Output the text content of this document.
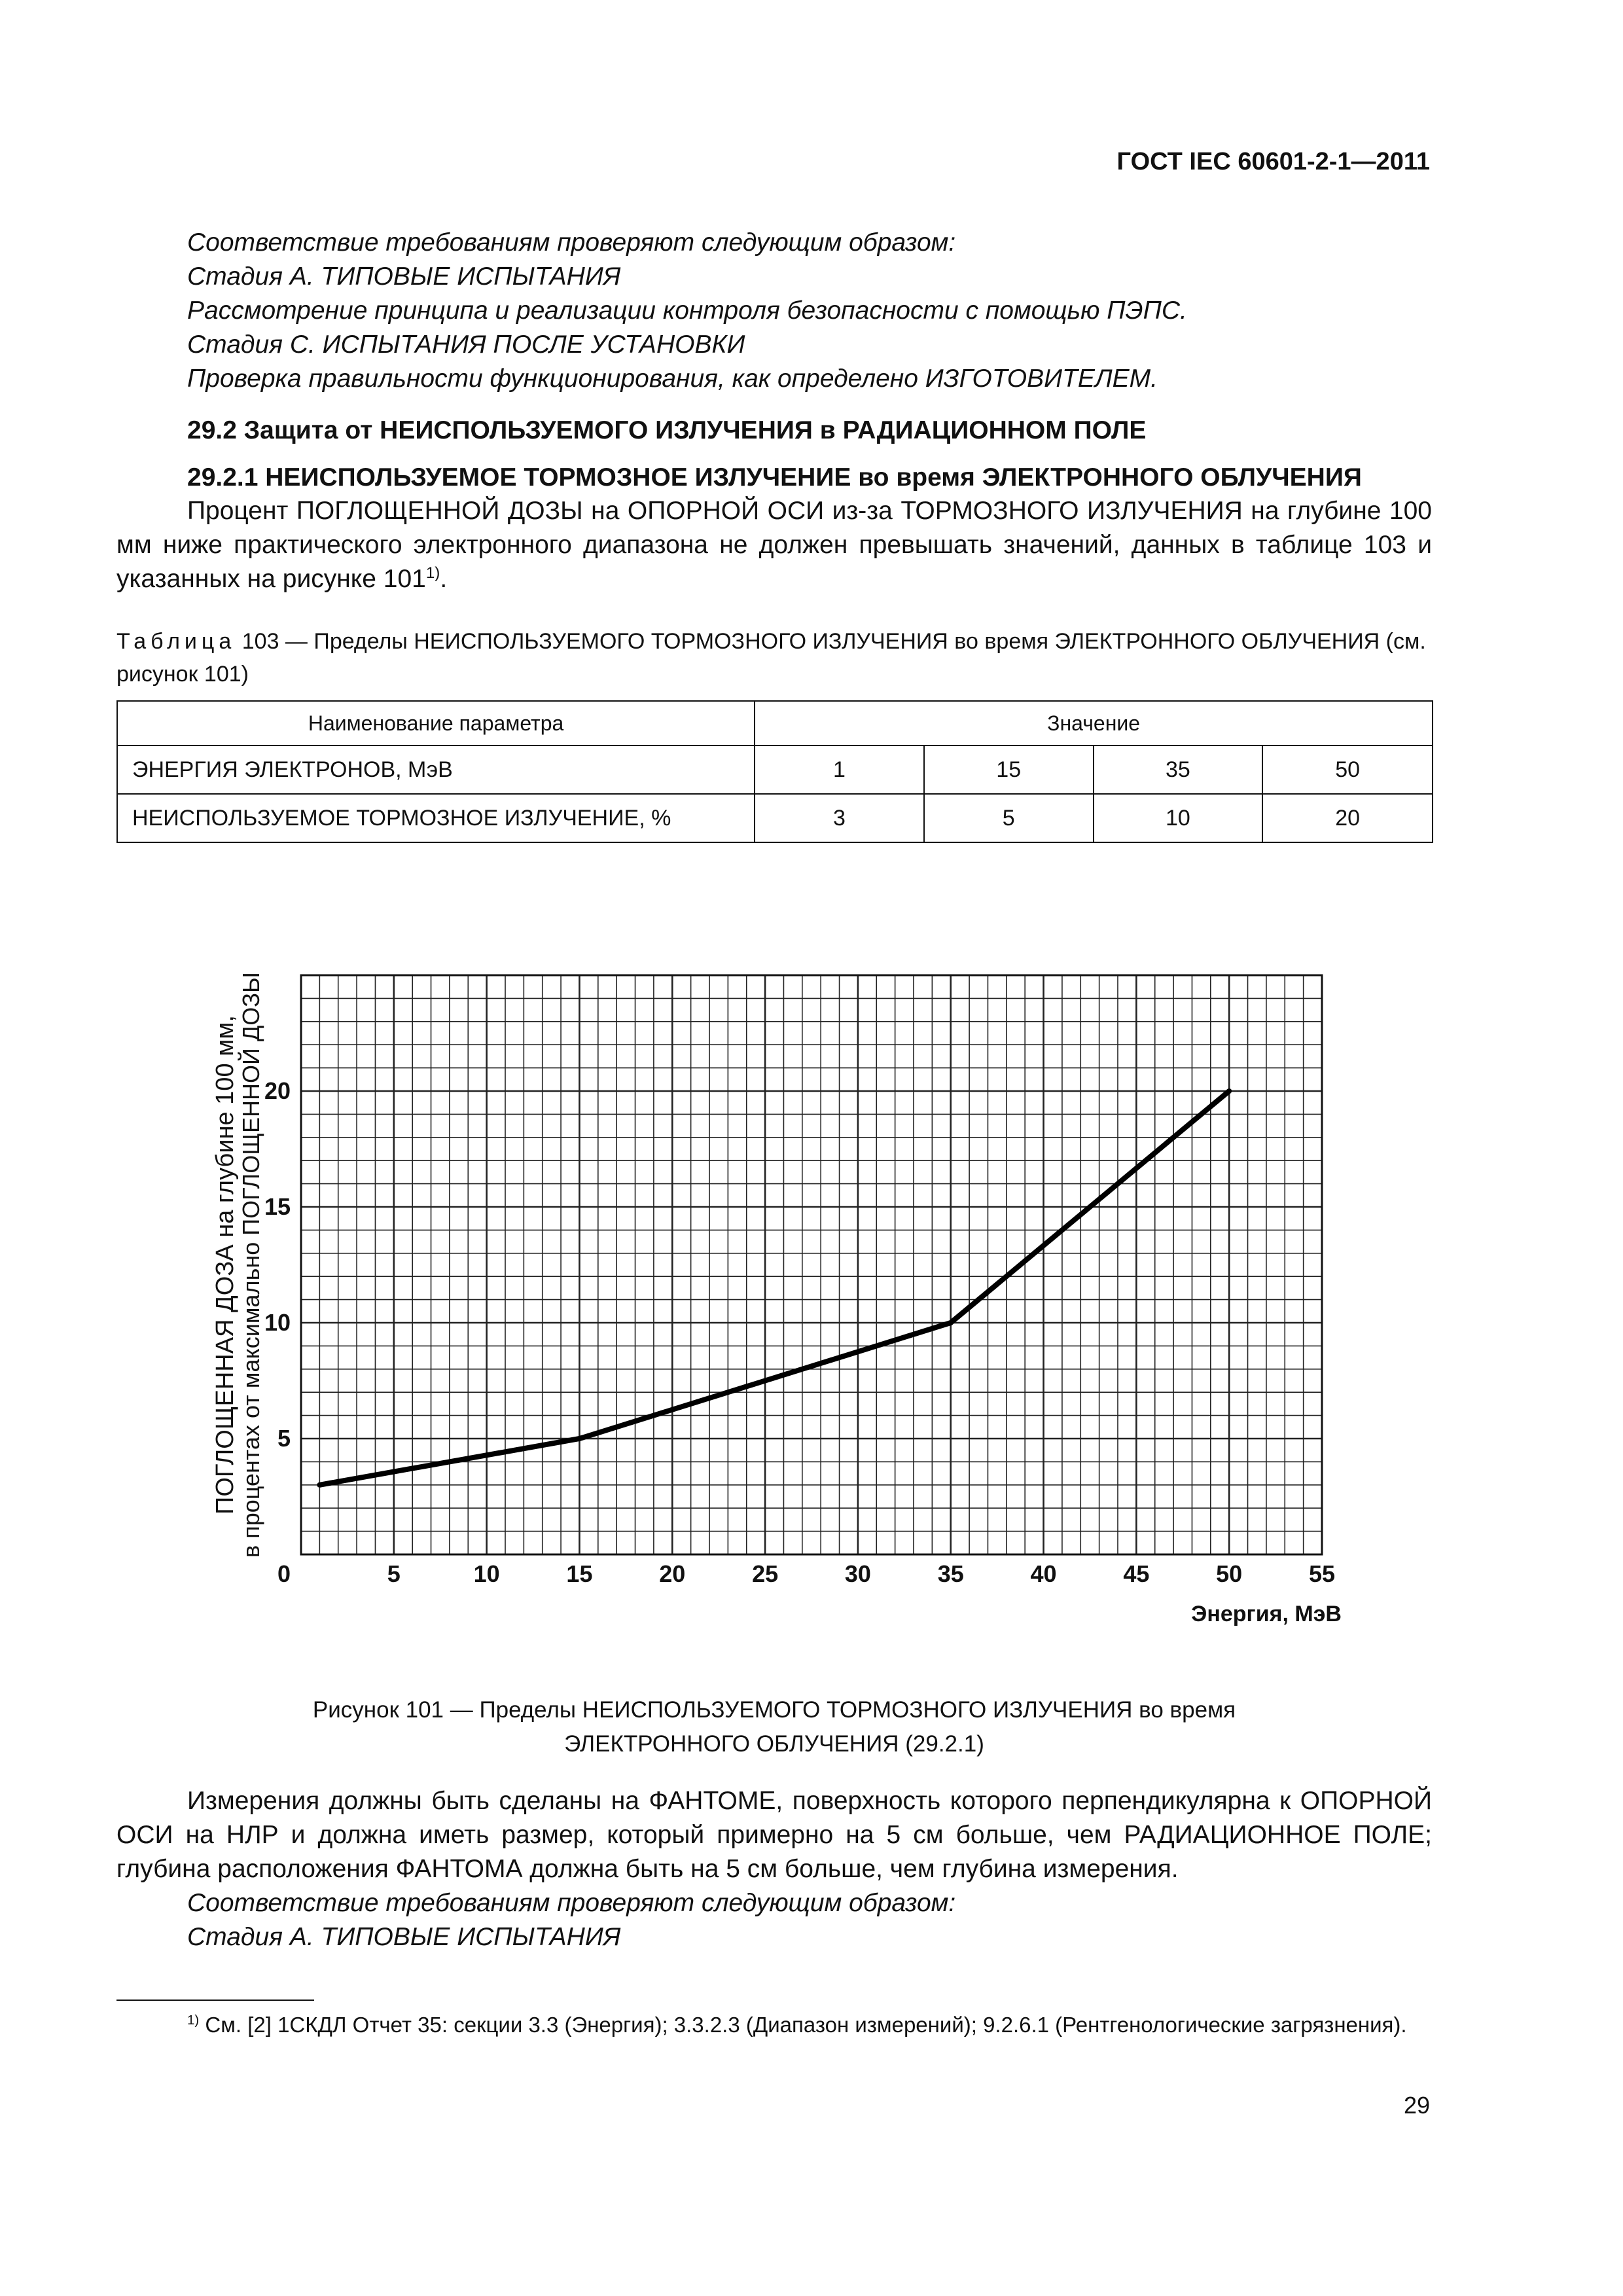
ГОСТ IEC 60601-2-1—2011
Соответствие требованиям проверяют следующим образом:
Стадия А. ТИПОВЫЕ ИСПЫТАНИЯ
Рассмотрение принципа и реализации контроля безопасности с помощью ПЭПС.
Стадия С. ИСПЫТАНИЯ ПОСЛЕ УСТАНОВКИ
Проверка правильности функционирования, как определено ИЗГОТОВИТЕЛЕМ.
29.2 Защита от НЕИСПОЛЬЗУЕМОГО ИЗЛУЧЕНИЯ в РАДИАЦИОННОМ ПОЛЕ
29.2.1 НЕИСПОЛЬЗУЕМОЕ ТОРМОЗНОЕ ИЗЛУЧЕНИЕ во время ЭЛЕКТРОННОГО ОБЛУЧЕНИЯ
Процент ПОГЛОЩЕННОЙ ДОЗЫ на ОПОРНОЙ ОСИ из-за ТОРМОЗНОГО ИЗЛУЧЕНИЯ на глубине 100 мм ниже практического электронного диапазона не должен превышать значений, данных в таблице 103 и указанных на рисунке 101$^{1)}$.
Таблица 103 — Пределы НЕИСПОЛЬЗУЕМОГО ТОРМОЗНОГО ИЗЛУЧЕНИЯ во время ЭЛЕКТРОННОГО ОБЛУЧЕНИЯ (см. рисунок 101)
Наименование параметра	Значение			
ЭНЕРГИЯ ЭЛЕКТРОНОВ, МэВ	1	15	35	50
НЕИСПОЛЬЗУЕМОЕ ТОРМОЗНОЕ ИЗЛУЧЕНИЕ, %	3	5	10	20
0	5	10	15	20	25	30	35	40	45	50	55
5
10
15
20
Энергия, МэВ
ПОГЛОЩЕННАЯ ДОЗА на глубине 100 мм,
в процентах от максимально ПОГЛОЩЕННОЙ ДОЗЫ
Рисунок 101 — Пределы НЕИСПОЛЬЗУЕМОГО ТОРМОЗНОГО ИЗЛУЧЕНИЯ во время
ЭЛЕКТРОННОГО ОБЛУЧЕНИЯ (29.2.1)
Измерения должны быть сделаны на ФАНТОМЕ, поверхность которого перпендикулярна к ОПОРНОЙ ОСИ на НЛР и должна иметь размер, который примерно на 5 см больше, чем РАДИАЦИОННОЕ ПОЛЕ; глубина расположения ФАНТОМА должна быть на 5 см больше, чем глубина измерения.
Соответствие требованиям проверяют следующим образом:
Стадия А. ТИПОВЫЕ ИСПЫТАНИЯ
$^{1)}$ См. [2] 1СКДЛ Отчет 35: секции 3.3 (Энергия); 3.3.2.3 (Диапазон измерений); 9.2.6.1 (Рентгенологические загрязнения).
29
